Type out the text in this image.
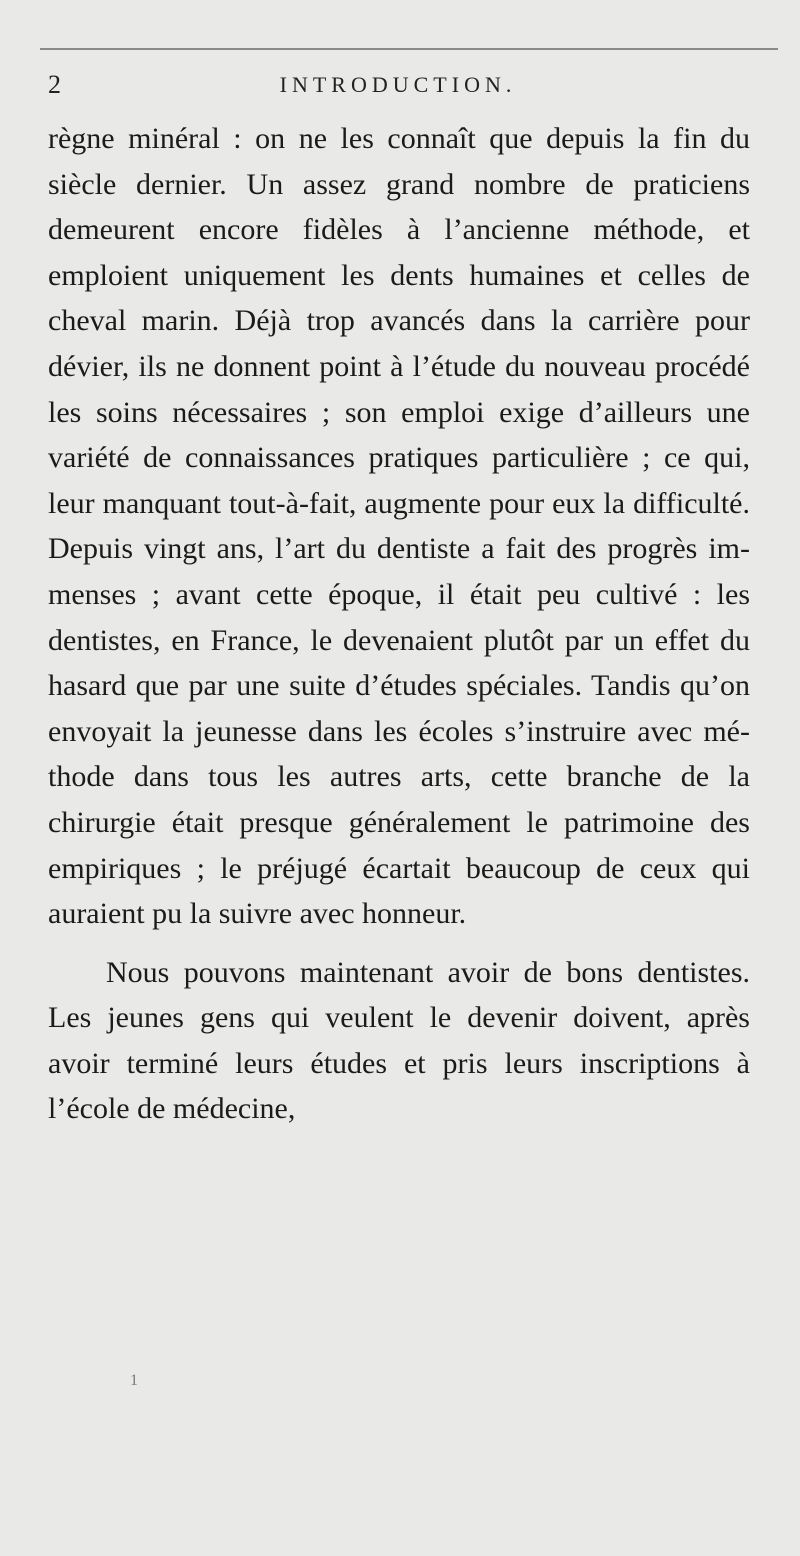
2	INTRODUCTION.

règne minéral : on ne les connaît que depuis la fin du siècle dernier. Un assez grand nombre de praticiens demeurent encore fidèles à l’ancienne méthode, et emploient uniquement les dents humaines et celles de cheval marin. Déjà trop avancés dans la carrière pour dévier, ils ne donnent point à l’étude du nouveau procédé les soins nécessaires ; son emploi exige d’ailleurs une variété de connaissances pratiques particulière ; ce qui, leur manquant tout-à-fait, augmente pour eux la difficulté. Depuis vingt ans, l’art du dentiste a fait des progrès immenses ; avant cette époque, il était peu cultivé : les dentistes, en France, le devenaient plutôt par un effet du hasard que par une suite d’études spéciales. Tandis qu’on envoyait la jeunesse dans les écoles s’instruire avec méthode dans tous les autres arts, cette branche de la chirurgie était presque généralement le patrimoine des empiriques ; le préjugé écartait beaucoup de ceux qui auraient pu la suivre avec honneur.

Nous pouvons maintenant avoir de bons dentistes. Les jeunes gens qui veulent le devenir doivent, après avoir terminé leurs études et pris leurs inscriptions à l’école de médecine,

1
